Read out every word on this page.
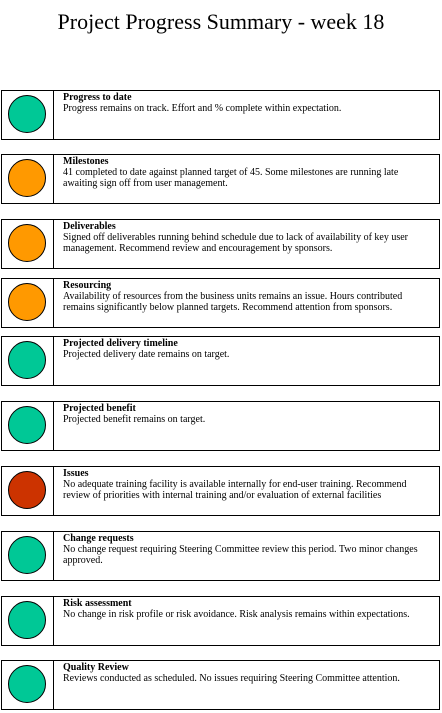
Project Progress Summary - week 18
Progress to date
Progress remains on track. Effort and % complete within expectation.
Milestones
41 completed to date against planned target of 45. Some milestones are running late awaiting sign off from user management.
Deliverables
Signed off deliverables running behind schedule due to lack of availability of key user management. Recommend review and encouragement by sponsors.
Resourcing
Availability of resources from the business units remains an issue. Hours contributed remains significantly below planned targets. Recommend attention from sponsors.
Projected delivery timeline
Projected delivery date remains on target.
Projected benefit
Projected benefit remains on target.
Issues
No adequate training facility is available internally for end-user training. Recommend review of priorities with internal training and/or evaluation of external facilities
Change requests
No change request requiring Steering Committee review this period. Two minor changes approved.
Risk assessment
No change in risk profile or risk avoidance. Risk analysis remains within expectations.
Quality Review
Reviews conducted as scheduled. No issues requiring Steering Committee attention.
